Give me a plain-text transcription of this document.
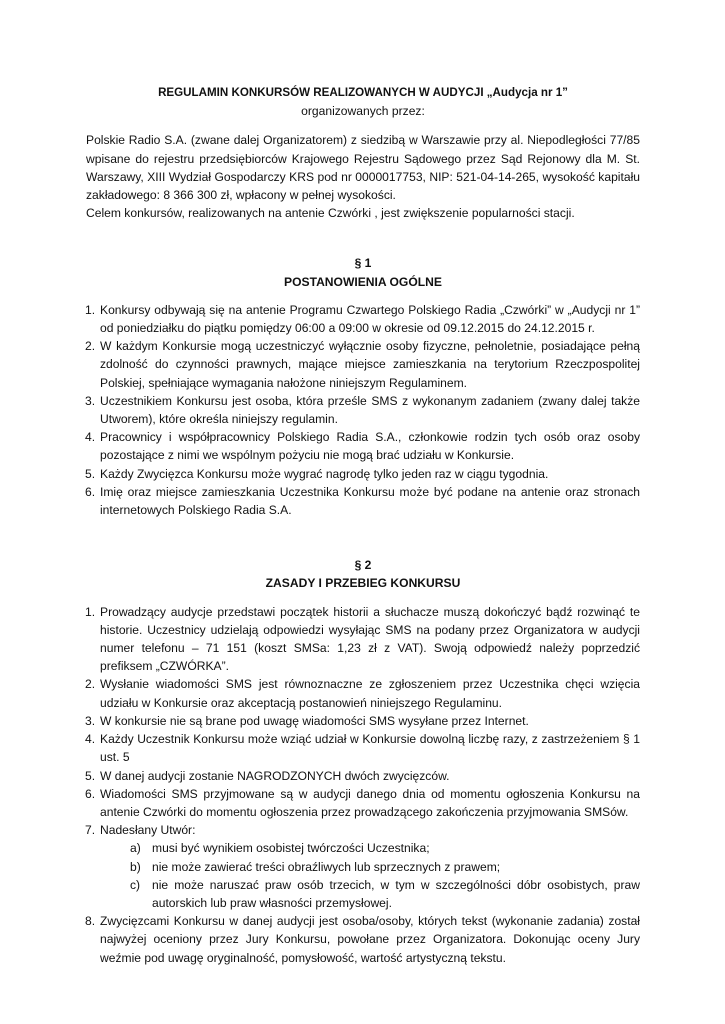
REGULAMIN KONKURSÓW REALIZOWANYCH W AUDYCJI „Audycja nr 1”
organizowanych przez:

Polskie Radio S.A. (zwane dalej Organizatorem) z siedzibą w Warszawie przy al. Niepodległości 77/85 wpisane do rejestru przedsiębiorców Krajowego Rejestru Sądowego przez Sąd Rejonowy dla M. St. Warszawy, XIII Wydział Gospodarczy KRS pod nr 0000017753, NIP: 521-04-14-265, wysokość kapitału zakładowego: 8 366 300 zł, wpłacony w pełnej wysokości.

Celem konkursów, realizowanych na antenie Czwórki , jest zwiększenie popularności stacji.

§ 1
POSTANOWIENIA OGÓLNE
1. Konkursy odbywają się na antenie Programu Czwartego Polskiego Radia „Czwórki” w „Audycji nr 1” od poniedziałku do piątku pomiędzy 06:00 a 09:00 w okresie od 09.12.2015 do 24.12.2015 r.
2. W każdym Konkursie mogą uczestniczyć wyłącznie osoby fizyczne, pełnoletnie, posiadające pełną zdolność do czynności prawnych, mające miejsce zamieszkania na terytorium Rzeczpospolitej Polskiej, spełniające wymagania nałożone niniejszym Regulaminem.
3. Uczestnikiem Konkursu jest osoba, która prześle SMS z wykonanym zadaniem (zwany dalej także Utworem), które określa niniejszy regulamin.
4. Pracownicy i współpracownicy Polskiego Radia S.A., członkowie rodzin tych osób oraz osoby pozostające z nimi we wspólnym pożyciu nie mogą brać udziału w Konkursie.
5. Każdy Zwycięzca Konkursu może wygrać nagrodę tylko jeden raz w ciągu tygodnia.
6. Imię oraz miejsce zamieszkania Uczestnika Konkursu może być podane na antenie oraz stronach internetowych Polskiego Radia S.A.
§ 2
ZASADY I PRZEBIEG KONKURSU
1. Prowadzący audycje przedstawi początek historii a słuchacze muszą dokończyć bądź rozwinąć te historie. Uczestnicy udzielają odpowiedzi wysyłając SMS na podany przez Organizatora w audycji numer telefonu – 71 151 (koszt SMSa: 1,23 zł z VAT). Swoją odpowiedź należy poprzedzić prefiksem „CZWÓRKA”.
2. Wysłanie wiadomości SMS jest równoznaczne ze zgłoszeniem przez Uczestnika chęci wzięcia udziału w Konkursie oraz akceptacją postanowień niniejszego Regulaminu.
3. W konkursie nie są brane pod uwagę wiadomości SMS wysyłane przez Internet.
4. Każdy Uczestnik Konkursu może wziąć udział w Konkursie dowolną liczbę razy, z zastrzeżeniem § 1 ust. 5
5. W danej audycji zostanie NAGRODZONYCH dwóch zwycięzców.
6. Wiadomości SMS przyjmowane są w audycji danego dnia od momentu ogłoszenia Konkursu na antenie Czwórki do momentu ogłoszenia przez prowadzącego zakończenia przyjmowania SMSów.
7. Nadesłany Utwór:
a) musi być wynikiem osobistej twórczości Uczestnika;
b) nie może zawierać treści obraźliwych lub sprzecznych z prawem;
c) nie może naruszać praw osób trzecich, w tym w szczególności dóbr osobistych, praw autorskich lub praw własności przemysłowej.
8. Zwycięzcami Konkursu w danej audycji jest osoba/osoby, których tekst (wykonanie zadania) został najwyżej oceniony przez Jury Konkursu, powołane przez Organizatora. Dokonując oceny Jury weźmie pod uwagę oryginalność, pomysłowość, wartość artystyczną tekstu.
